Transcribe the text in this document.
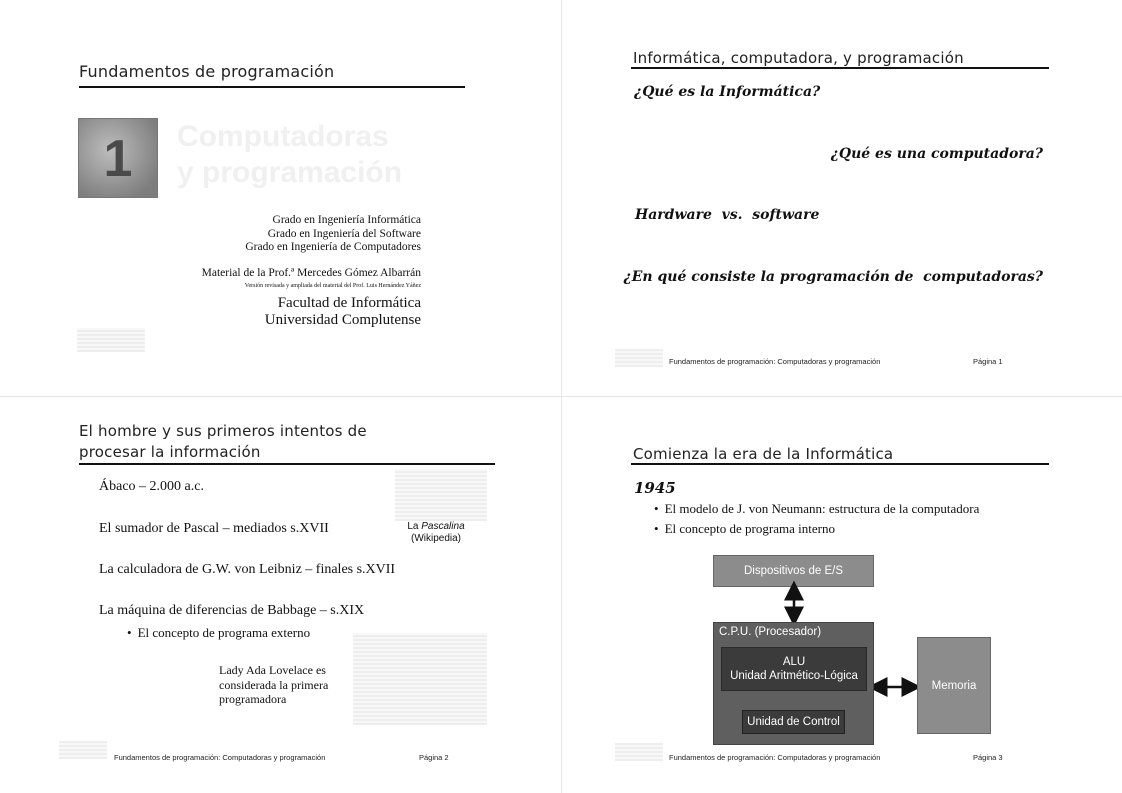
Fundamentos de programación
1	Computadoras
y programación
Grado en Ingeniería Informática
Grado en Ingeniería del Software
Grado en Ingeniería de Computadores
Material de la Prof.ª Mercedes Gómez Albarrán
Versión revisada y ampliada del material del Prof. Luis Hernández Yáñez
Facultad de Informática
Universidad Complutense
Informática, computadora, y programación
¿Qué es la Informática?
¿Qué es una computadora?
Hardware  vs.  software
¿En qué consiste la programación de  computadoras?
Fundamentos de programación: Computadoras y programación	Página 1
El hombre y sus primeros intentos de
procesar la información
Ábaco – 2.000 a.c.
El sumador de Pascal – mediados s.XVII	La Pascalina
(Wikipedia)
La calculadora de G.W. von Leibniz – finales s.XVII
La máquina de diferencias de Babbage – s.XIX
• El concepto de programa externo
Lady Ada Lovelace es
considerada la primera
programadora
Fundamentos de programación: Computadoras y programación	Página 2
Comienza la era de la Informática
1945
• El modelo de J. von Neumann: estructura de la computadora
• El concepto de programa interno
Dispositivos de E/S
C.P.U. (Procesador)
ALU
Unidad Aritmético-Lógica
Unidad de Control
Memoria
Fundamentos de programación: Computadoras y programación	Página 3
